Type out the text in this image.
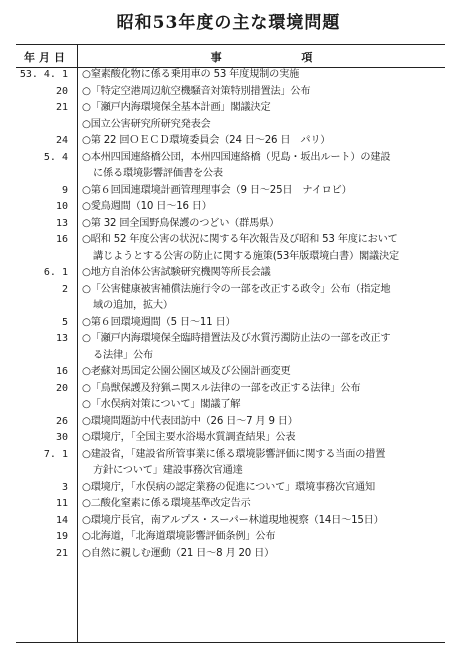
昭和53年度の主な環境問題
年月日	事	項
53. 4. 1 ○窒素酸化物に係る乗用車の 53 年度規制の実施
20 ○「特定空港周辺航空機騒音対策特別措置法」公布
21 ○「瀬戸内海環境保全基本計画」閣議決定
○国立公害研究所研究発表会
24 ○第 22 回ＯＥＣＤ環境委員会（24 日～26 日　パリ）
5. 4 ○本州四国連絡橋公団，本州四国連絡橋（児島・坂出ルート）の建設
に係る環境影響評価書を公表
9 ○第６回国連環境計画管理理事会（9 日～25日　ナイロビ）
10 ○愛鳥週間（10 日～16 日）
13 ○第 32 回全国野鳥保護のつどい（群馬県）
16 ○昭和 52 年度公害の状況に関する年次報告及び昭和 53 年度において
講じようとする公害の防止に関する施策(53年版環境白書）閣議決定
6. 1 ○地方自治体公害試験研究機関等所長会議
2 ○「公害健康被害補償法施行令の一部を改正する政令」公布（指定地
域の追加，拡大）
5 ○第６回環境週間（5 日～11 日）
13 ○「瀬戸内海環境保全臨時措置法及び水質汚濁防止法の一部を改正す
る法律」公布
16 ○老蘇対馬国定公園公園区域及び公園計画変更
20 ○「鳥獣保護及狩猟ニ関スル法律の一部を改正する法律」公布
○「水俣病対策について」閣議了解
26 ○環境問題訪中代表団訪中（26 日～7 月 9 日）
30 ○環境庁，「全国主要水浴場水質調査結果」公表
7. 1 ○建設省，「建設省所管事業に係る環境影響評価に関する当面の措置
方針について」建設事務次官通達
3 ○環境庁，「水俣病の認定業務の促進について」環境事務次官通知
11 ○二酸化窒素に係る環境基準改定告示
14 ○環境庁長官，南アルプス・スーパー林道現地視察（14日～15日）
19 ○北海道，「北海道環境影響評価条例」公布
21 ○自然に親しむ運動（21 日～8 月 20 日）
